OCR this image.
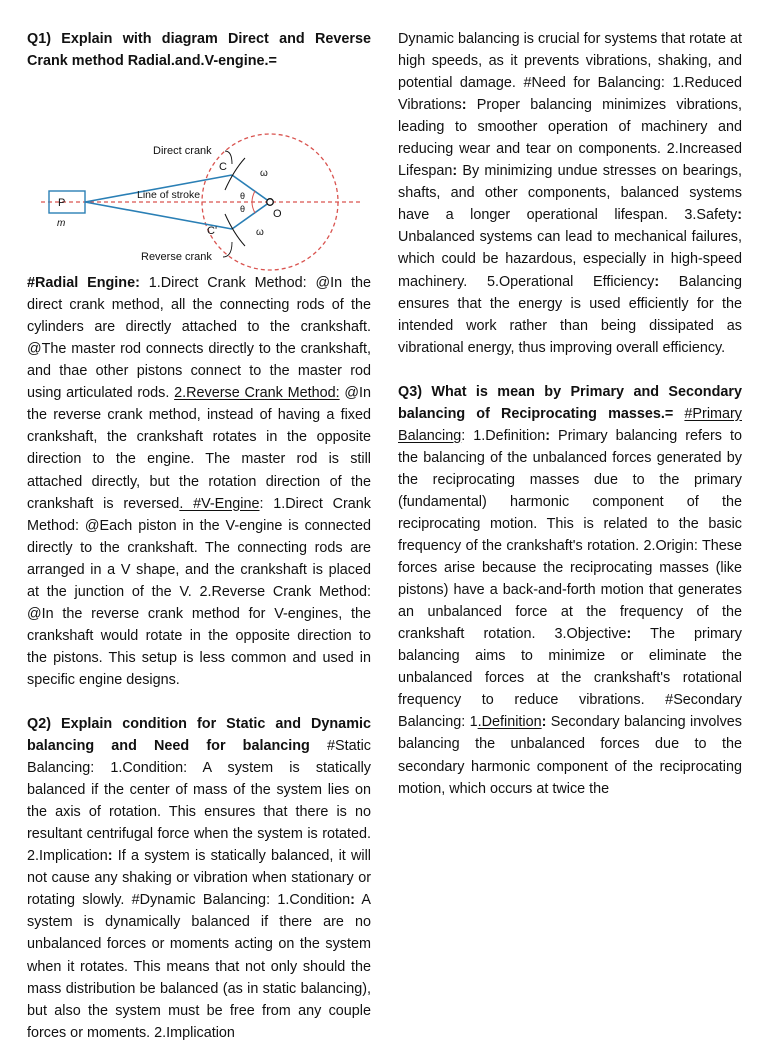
Q1) Explain with diagram Direct and Reverse Crank method Radial.and.V-engine.=

P
m
Direct crank
C
ω
Line of stroke	θ
θ	O
C'	ω
Reverse crank

#Radial Engine: 1.Direct Crank Method: @In the direct crank method, all the connecting rods of the cylinders are directly attached to the crankshaft. @The master rod connects directly to the crankshaft, and thae other pistons connect to the master rod using articulated rods. 2.Reverse Crank Method: @In the reverse crank method, instead of having a fixed crankshaft, the crankshaft rotates in the opposite direction to the engine. The master rod is still attached directly, but the rotation direction of the crankshaft is reversed. #V-Engine: 1.Direct Crank Method: @Each piston in the V-engine is connected directly to the crankshaft. The connecting rods are arranged in a V shape, and the crankshaft is placed at the junction of the V. 2.Reverse Crank Method: @In the reverse crank method for V-engines, the crankshaft would rotate in the opposite direction to the pistons. This setup is less common and used in specific engine designs.

Q2) Explain condition for Static and Dynamic balancing and Need for balancing #Static Balancing: 1.Condition: A system is statically balanced if the center of mass of the system lies on the axis of rotation. This ensures that there is no resultant centrifugal force when the system is rotated. 2.Implication: If a system is statically balanced, it will not cause any shaking or vibration when stationary or rotating slowly. #Dynamic Balancing: 1.Condition: A system is dynamically balanced if there are no unbalanced forces or moments acting on the system when it rotates. This means that not only should the mass distribution be balanced (as in static balancing), but also the system must be free from any couple forces or moments. 2.Implication

Dynamic balancing is crucial for systems that rotate at high speeds, as it prevents vibrations, shaking, and potential damage. #Need for Balancing: 1.Reduced Vibrations: Proper balancing minimizes vibrations, leading to smoother operation of machinery and reducing wear and tear on components. 2.Increased Lifespan: By minimizing undue stresses on bearings, shafts, and other components, balanced systems have a longer operational lifespan. 3.Safety: Unbalanced systems can lead to mechanical failures, which could be hazardous, especially in high-speed machinery. 5.Operational Efficiency: Balancing ensures that the energy is used efficiently for the intended work rather than being dissipated as vibrational energy, thus improving overall efficiency.

Q3) What is mean by Primary and Secondary balancing of Reciprocating masses.= #Primary Balancing: 1.Definition: Primary balancing refers to the balancing of the unbalanced forces generated by the reciprocating masses due to the primary (fundamental) harmonic component of the reciprocating motion. This is related to the basic frequency of the crankshaft's rotation. 2.Origin: These forces arise because the reciprocating masses (like pistons) have a back-and-forth motion that generates an unbalanced force at the frequency of the crankshaft rotation. 3.Objective: The primary balancing aims to minimize or eliminate the unbalanced forces at the crankshaft's rotational frequency to reduce vibrations. #Secondary Balancing: 1.Definition: Secondary balancing involves balancing the unbalanced forces due to the secondary harmonic component of the reciprocating motion, which occurs at twice the
